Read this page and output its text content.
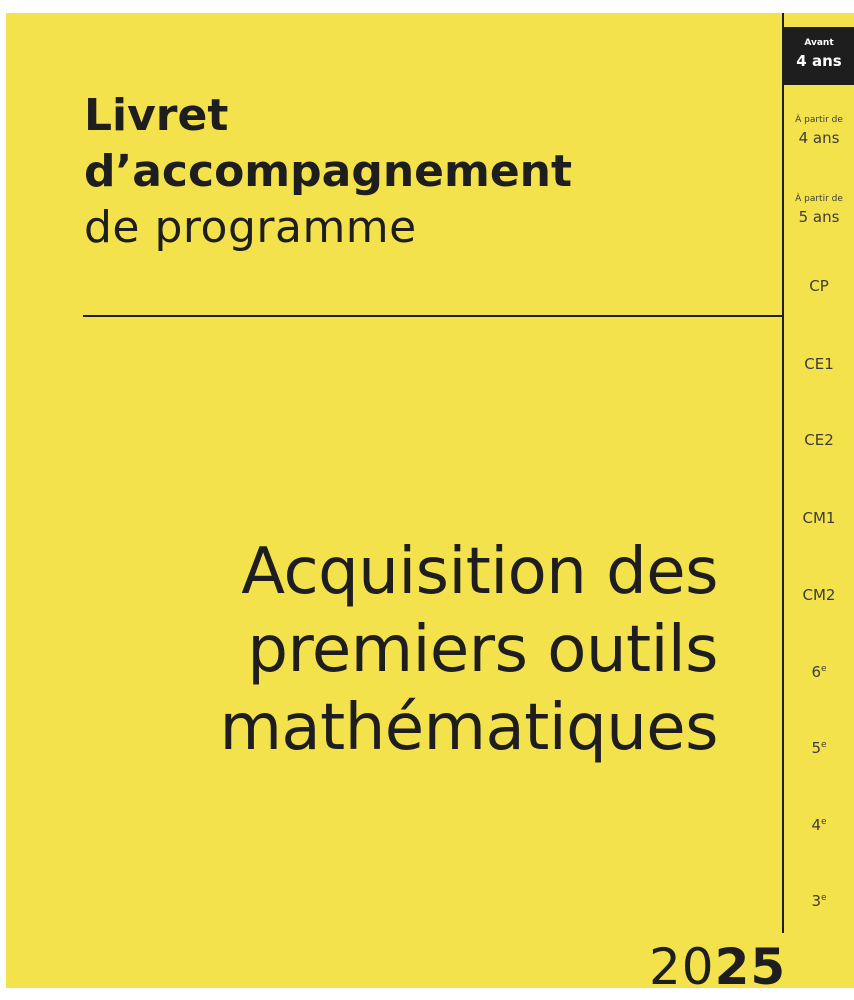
Livret
d’accompagnement
de programme
Acquisition des
premiers outils
mathématiques
Avant
4 ans
À partir de
4 ans
À partir de
5 ans
CP
CE1
CE2
CM1
CM2
6e
5e
4e
3e
2025
